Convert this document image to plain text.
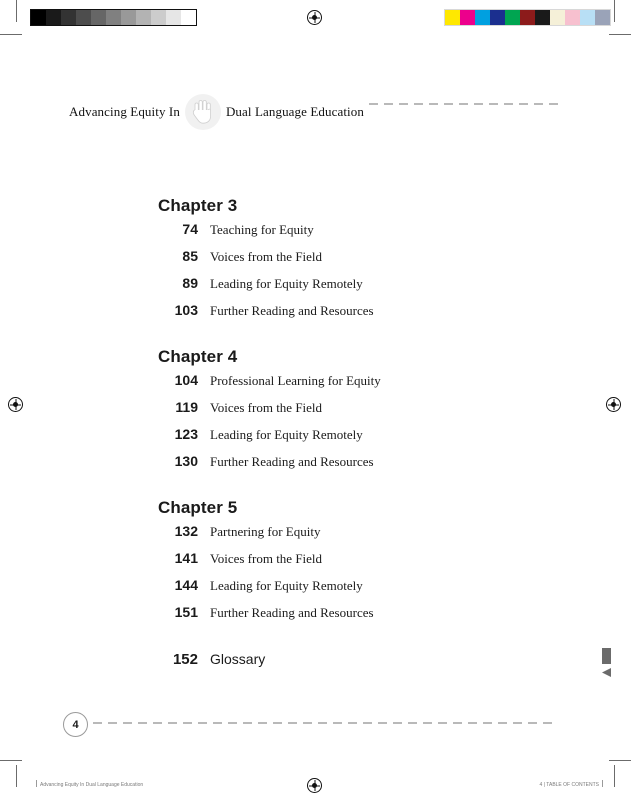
Advancing Equity In	Dual Language Education
Chapter 3
74 Teaching for Equity
85 Voices from the Field
89 Leading for Equity Remotely
103 Further Reading and Resources
Chapter 4
104 Professional Learning for Equity
119 Voices from the Field
123 Leading for Equity Remotely
130 Further Reading and Resources
Chapter 5
132 Partnering for Equity
141 Voices from the Field
144 Leading for Equity Remotely
151 Further Reading and Resources
152 Glossary
4
Advancing Equity In Dual Language Education	4 | TABLE OF CONTENTS
